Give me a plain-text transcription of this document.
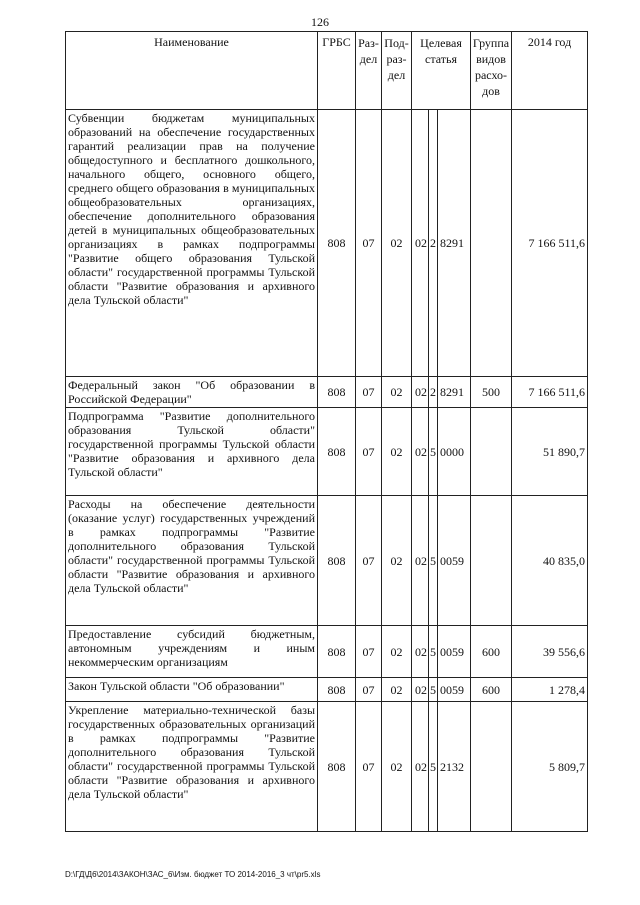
126
Наименование	ГРБС	Раз-дел	Под-раз-дел	Целевая статья			Группа видов расхо-дов	2014 год
Субвенции бюджетам муниципальных образований на обеспечение государственных гарантий реализации прав на получение общедоступного и бесплатного дошкольного, начального общего, основного общего, среднего общего образования в муниципальных общеобразовательных организациях, обеспечение дополнительного образования детей в муниципальных общеобразовательных организациях в рамках подпрограммы "Развитие общего образования Тульской области" государственной программы Тульской области "Развитие образования и архивного дела Тульской области"	808	07	02	02	2	8291		7 166 511,6
Федеральный закон "Об образовании в Российской Федерации"	808	07	02	02	2	8291	500	7 166 511,6
Подпрограмма "Развитие дополнительного образования Тульской области" государственной программы Тульской области "Развитие образования и архивного дела Тульской области"	808	07	02	02	5	0000		51 890,7
Расходы на обеспечение деятельности (оказание услуг) государственных учреждений в рамках подпрограммы "Развитие дополнительного образования Тульской области" государственной программы Тульской области "Развитие образования и архивного дела Тульской области"	808	07	02	02	5	0059		40 835,0
Предоставление субсидий бюджетным, автономным учреждениям и иным некоммерческим организациям	808	07	02	02	5	0059	600	39 556,6
Закон Тульской области "Об образовании"	808	07	02	02	5	0059	600	1 278,4
Укрепление материально-технической базы государственных образовательных организаций в рамках подпрограммы "Развитие дополнительного образования Тульской области" государственной программы Тульской области "Развитие образования и архивного дела Тульской области"	808	07	02	02	5	2132		5 809,7
D:\ГД\Д6\2014\ЗАКОН\ЗАС_6\Изм. бюджет ТО 2014-2016_3 чт\pr5.xls
